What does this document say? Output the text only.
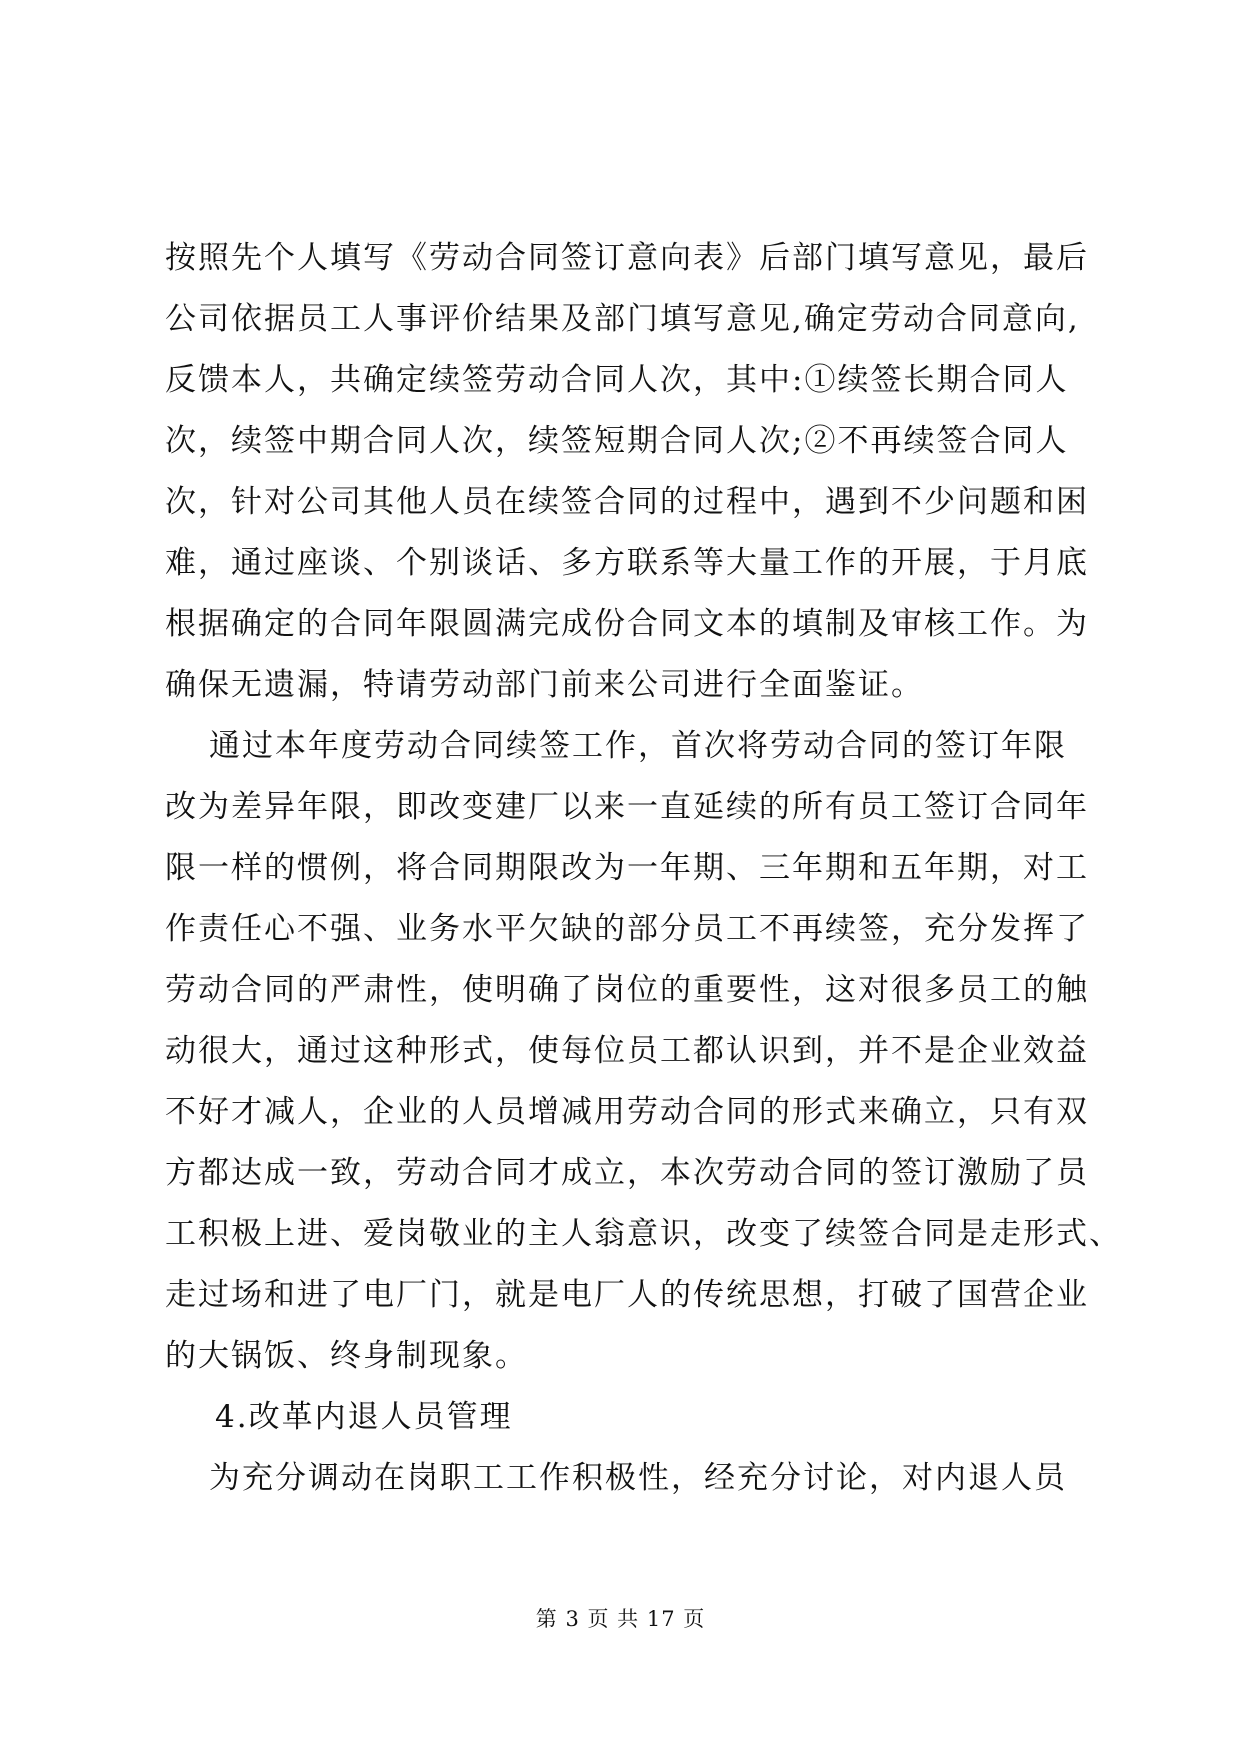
按照先个人填写《劳动合同签订意向表》后部门填写意见，最后
公司依据员工人事评价结果及部门填写意见,确定劳动合同意向,
反馈本人，共确定续签劳动合同人次，其中:①续签长期合同人
次，续签中期合同人次，续签短期合同人次;②不再续签合同人
次，针对公司其他人员在续签合同的过程中，遇到不少问题和困
难，通过座谈、个别谈话、多方联系等大量工作的开展，于月底
根据确定的合同年限圆满完成份合同文本的填制及审核工作。为
确保无遗漏，特请劳动部门前来公司进行全面鉴证。

通过本年度劳动合同续签工作，首次将劳动合同的签订年限
改为差异年限，即改变建厂以来一直延续的所有员工签订合同年
限一样的惯例，将合同期限改为一年期、三年期和五年期，对工
作责任心不强、业务水平欠缺的部分员工不再续签，充分发挥了
劳动合同的严肃性，使明确了岗位的重要性，这对很多员工的触
动很大，通过这种形式，使每位员工都认识到，并不是企业效益
不好才减人，企业的人员增减用劳动合同的形式来确立，只有双
方都达成一致，劳动合同才成立，本次劳动合同的签订激励了员
工积极上进、爱岗敬业的主人翁意识，改变了续签合同是走形式、
走过场和进了电厂门，就是电厂人的传统思想，打破了国营企业
的大锅饭、终身制现象。

4.改革内退人员管理

为充分调动在岗职工工作积极性，经充分讨论，对内退人员

第 3 页 共 17 页
